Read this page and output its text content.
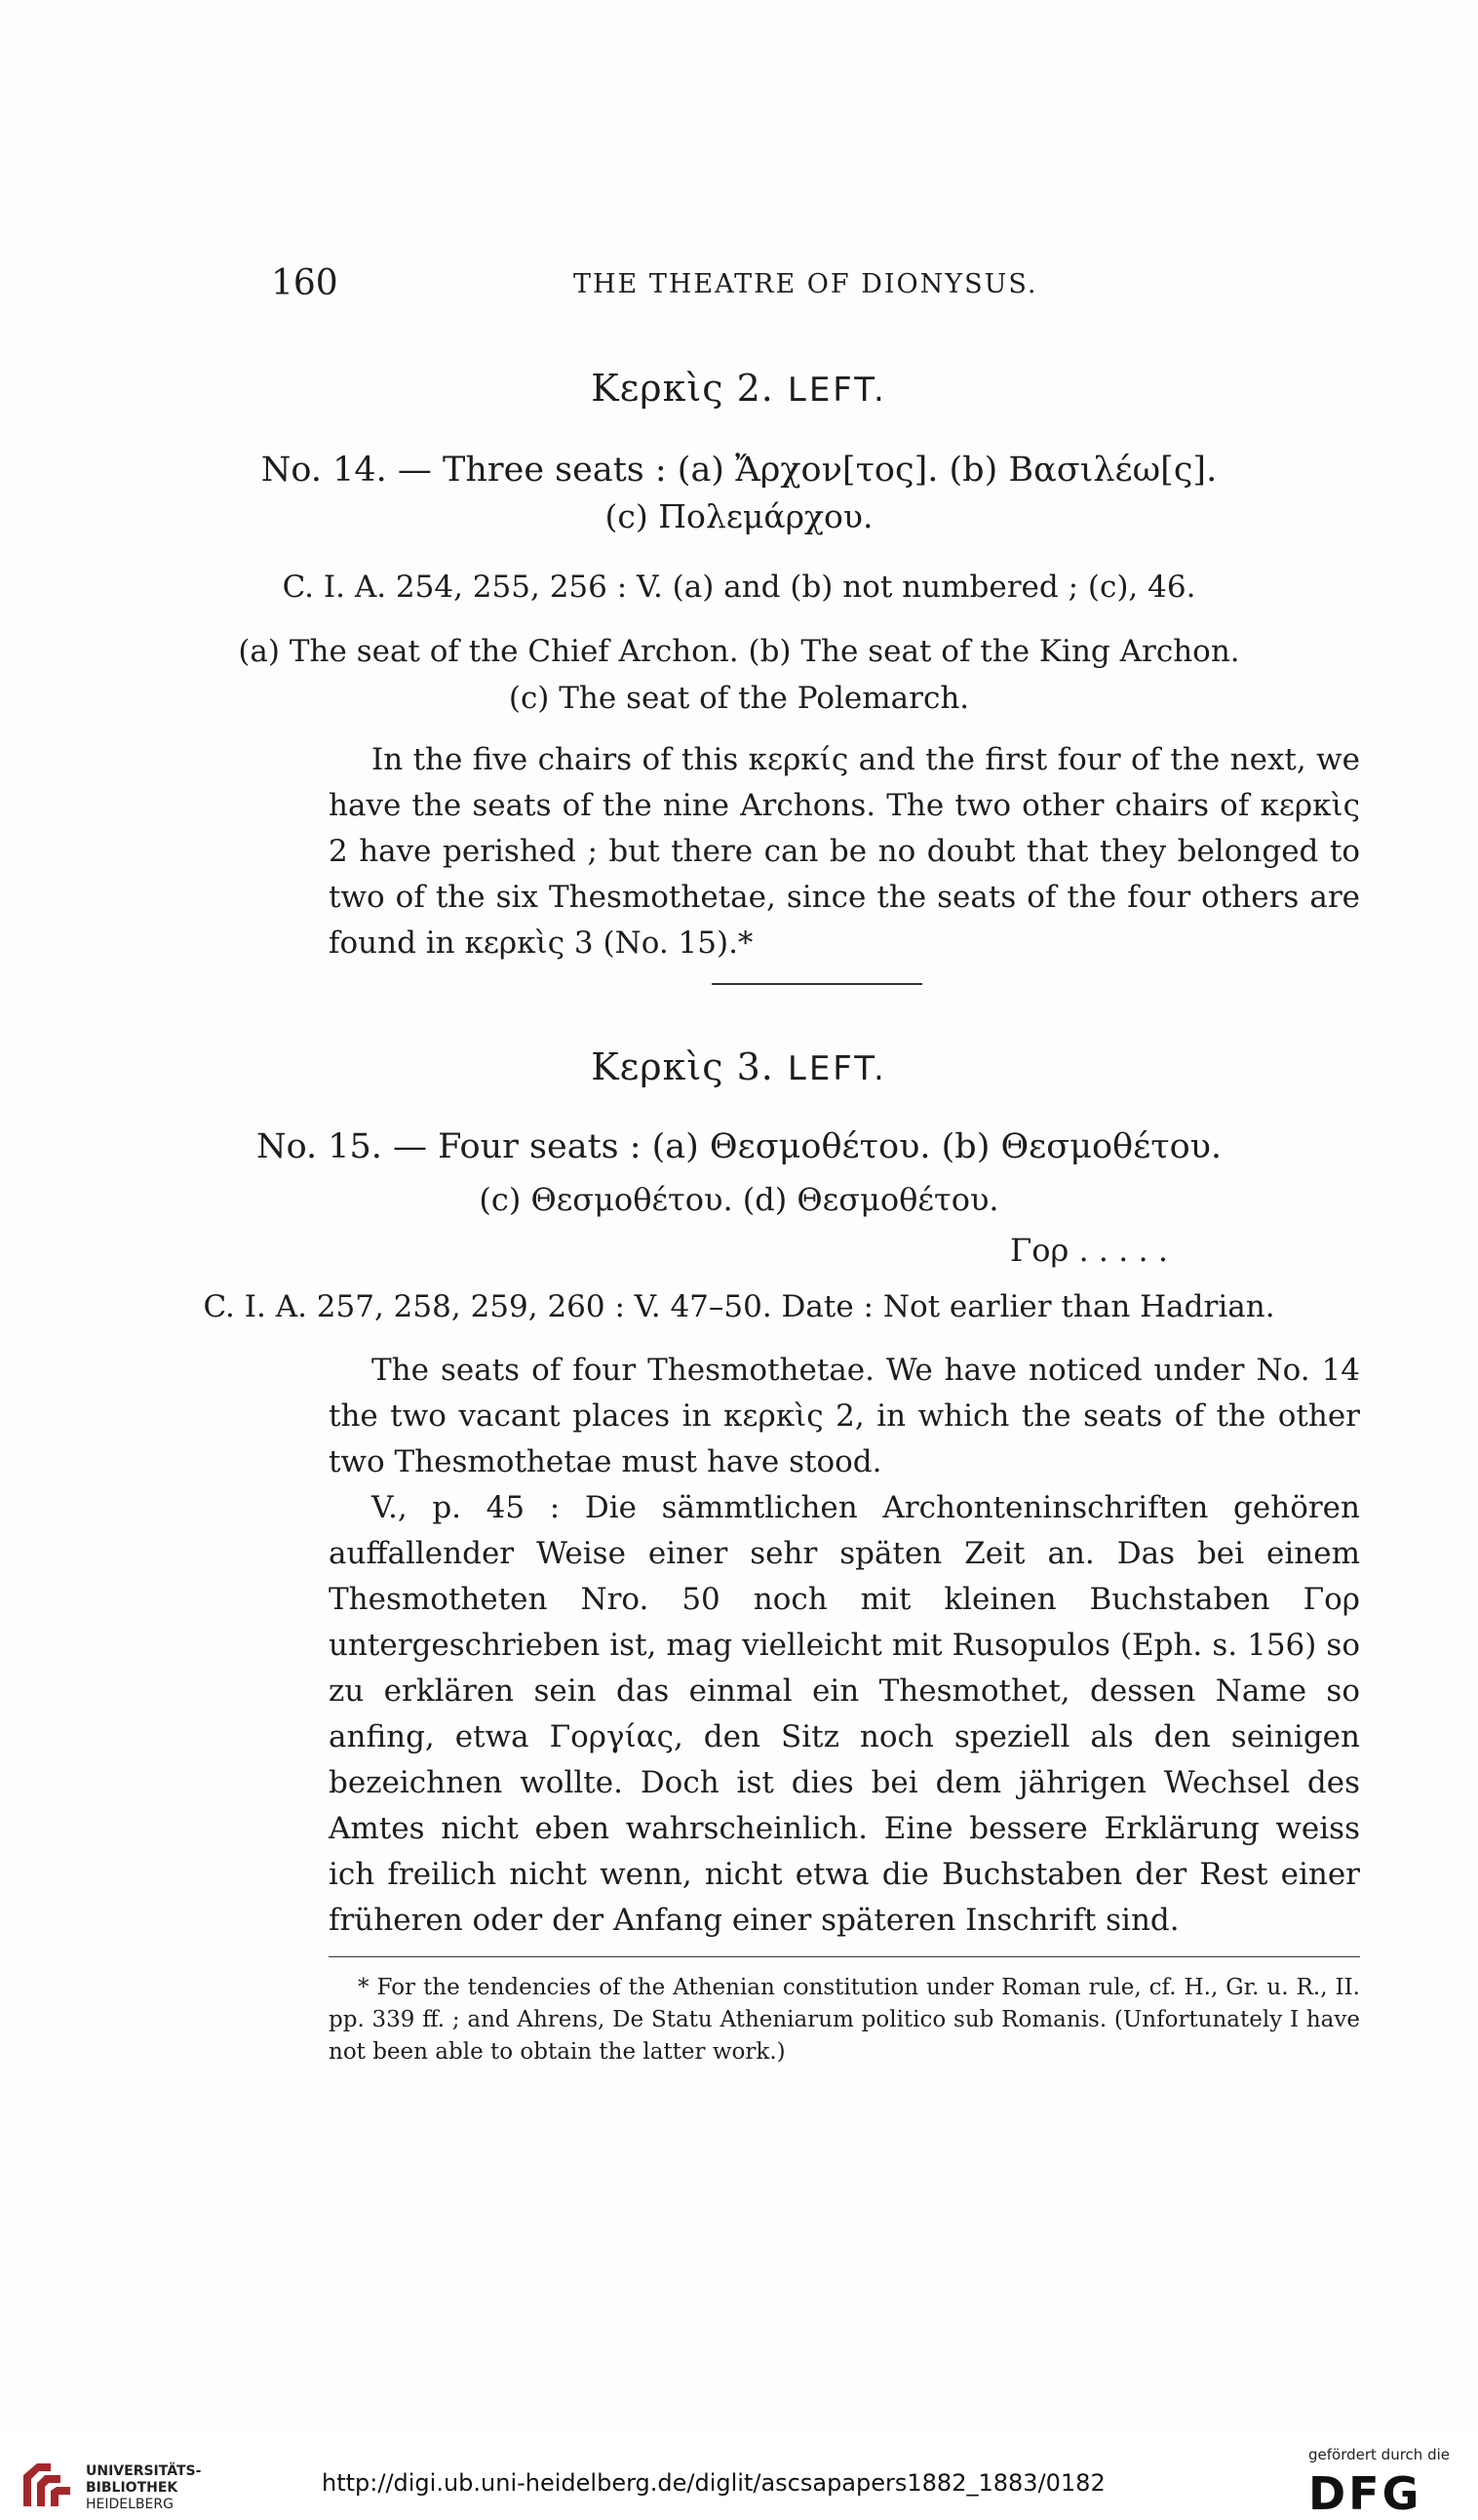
160	THE THEATRE OF DIONYSUS.
Κερκὶς 2. LEFT.
No. 14. — Three seats : (a) Ἄρχον[τος]. (b) Βασιλέω[ς].
(c) Πολεμάρχου.
C. I. A. 254, 255, 256 : V. (a) and (b) not numbered ; (c), 46.
(a) The seat of the Chief Archon. (b) The seat of the King Archon.
(c) The seat of the Polemarch.

In the five chairs of this κερκίς and the first four of the next, we have the seats of the nine Archons. The two other chairs of κερκὶς 2 have perished ; but there can be no doubt that they belonged to two of the six Thesmothetae, since the seats of the four others are found in κερκὶς 3 (No. 15).*

Κερκὶς 3. LEFT.
No. 15. — Four seats : (a) Θεσμοθέτου. (b) Θεσμοθέτου.
(c) Θεσμοθέτου. (d) Θεσμοθέτου.
Γορ . . . . .
C. I. A. 257, 258, 259, 260 : V. 47–50. Date : Not earlier than Hadrian.

The seats of four Thesmothetae. We have noticed under No. 14 the two vacant places in κερκὶς 2, in which the seats of the other two Thesmothetae must have stood.

V., p. 45 : Die sämmtlichen Archonteninschriften gehören auffallender Weise einer sehr späten Zeit an. Das bei einem Thesmotheten Nro. 50 noch mit kleinen Buchstaben Γορ untergeschrieben ist, mag vielleicht mit Rusopulos (Eph. s. 156) so zu erklären sein das einmal ein Thesmothet, dessen Name so anfing, etwa Γοργίας, den Sitz noch speziell als den seinigen bezeichnen wollte. Doch ist dies bei dem jährigen Wechsel des Amtes nicht eben wahrscheinlich. Eine bessere Erklärung weiss ich freilich nicht wenn, nicht etwa die Buchstaben der Rest einer früheren oder der Anfang einer späteren Inschrift sind.

* For the tendencies of the Athenian constitution under Roman rule, cf. H., Gr. u. R., II. pp. 339 ff. ; and Ahrens, De Statu Atheniarum politico sub Romanis. (Unfortunately I have not been able to obtain the latter work.)

UNIVERSITÄTS-
BIBLIOTHEK
HEIDELBERG
http://digi.ub.uni-heidelberg.de/diglit/ascsapapers1882_1883/0182
gefördert durch die
DFG
